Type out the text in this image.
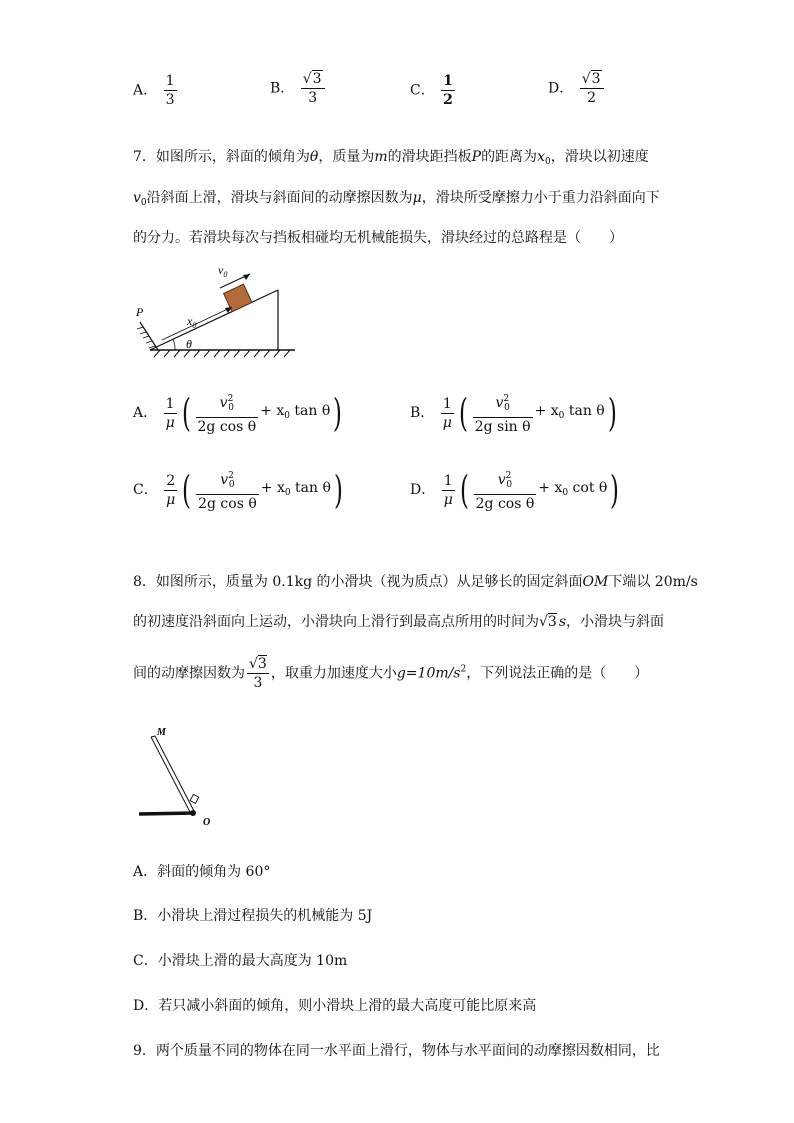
A． $\frac{1}{3}$	B． $\frac{√3}{3}$	C． $\frac{1}{2}$	D． $\frac{√3}{2}$
7．如图所示，斜面的倾角为θ，质量为m的滑块距挡板P的距离为$x_0$，滑块以初速度
$v_0$沿斜面上滑，滑块与斜面间的动摩擦因数为μ，滑块所受摩擦力小于重力沿斜面向下
的分力。若滑块每次与挡板相碰均无机械能损失，滑块经过的总路程是（　　）
$v_0$
$x_0$
P
θ
A． $\frac{1}{\mu}$ ( $\frac{v^2_0}{\text{2g cos θ}} + x_0$ tan θ)	B． $\frac{1}{\mu}$ ( $\frac{v^2_0}{\text{2g sin θ}} + x_0$ tan θ)
C． $\frac{2}{\mu}$ ( $\frac{v^2_0}{\text{2g cos θ}} + x_0$ tan θ)	D． $\frac{1}{\mu}$ ( $\frac{v^2_0}{\text{2g cos θ}} + x_0$ cot θ)
8．如图所示，质量为 0.1kg 的小滑块（视为质点）从足够长的固定斜面OM下端以 20m/s
的初速度沿斜面向上运动，小滑块向上滑行到最高点所用的时间为√3 s，小滑块与斜面
间的动摩擦因数为 $\frac{√3}{3}$ ，取重力加速度大小$g=10m/s^2$，下列说法正确的是（　　）
M
O
A．斜面的倾角为 60°
B．小滑块上滑过程损失的机械能为 5J
C．小滑块上滑的最大高度为 10m
D．若只减小斜面的倾角，则小滑块上滑的最大高度可能比原来高
9．两个质量不同的物体在同一水平面上滑行，物体与水平面间的动摩擦因数相同，比
